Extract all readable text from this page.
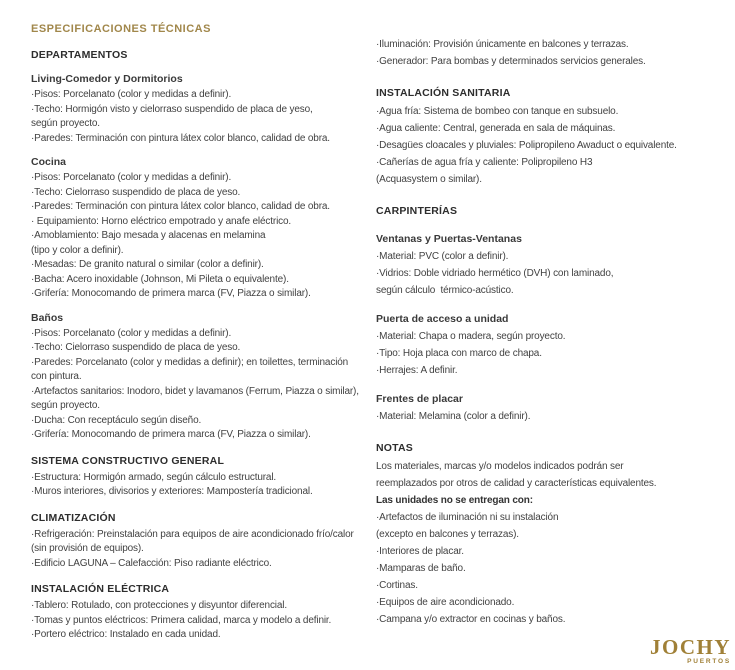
ESPECIFICACIONES TÉCNICAS
DEPARTAMENTOS
Living-Comedor y Dormitorios
·Pisos: Porcelanato (color y medidas a definir).
·Techo: Hormigón visto y cielorraso suspendido de placa de yeso,
según proyecto.
·Paredes: Terminación con pintura látex color blanco, calidad de obra.
Cocina
·Pisos: Porcelanato (color y medidas a definir).
·Techo: Cielorraso suspendido de placa de yeso.
·Paredes: Terminación con pintura látex color blanco, calidad de obra.
· Equipamiento: Horno eléctrico empotrado y anafe eléctrico.
·Amoblamiento: Bajo mesada y alacenas en melamina
(tipo y color a definir).
·Mesadas: De granito natural o similar (color a definir).
·Bacha: Acero inoxidable (Johnson, Mi Pileta o equivalente).
·Grifería: Monocomando de primera marca (FV, Piazza o similar).
Baños
·Pisos: Porcelanato (color y medidas a definir).
·Techo: Cielorraso suspendido de placa de yeso.
·Paredes: Porcelanato (color y medidas a definir); en toilettes, terminación
con pintura.
·Artefactos sanitarios: Inodoro, bidet y lavamanos (Ferrum, Piazza o similar),
según proyecto.
·Ducha: Con receptáculo según diseño.
·Grifería: Monocomando de primera marca (FV, Piazza o similar).
SISTEMA CONSTRUCTIVO GENERAL
·Estructura: Hormigón armado, según cálculo estructural.
·Muros interiores, divisorios y exteriores: Mampostería tradicional.
CLIMATIZACIÓN
·Refrigeración: Preinstalación para equipos de aire acondicionado frío/calor
(sin provisión de equipos).
·Edificio LAGUNA – Calefacción: Piso radiante eléctrico.
INSTALACIÓN ELÉCTRICA
·Tablero: Rotulado, con protecciones y disyuntor diferencial.
·Tomas y puntos eléctricos: Primera calidad, marca y modelo a definir.
·Portero eléctrico: Instalado en cada unidad.
·Iluminación: Provisión únicamente en balcones y terrazas.
·Generador: Para bombas y determinados servicios generales.
INSTALACIÓN SANITARIA
·Agua fría: Sistema de bombeo con tanque en subsuelo.
·Agua caliente: Central, generada en sala de máquinas.
·Desagües cloacales y pluviales: Polipropileno Awaduct o equivalente.
·Cañerías de agua fría y caliente: Polipropileno H3
(Acquasystem o similar).
CARPINTERÍAS
Ventanas y Puertas-Ventanas
·Material: PVC (color a definir).
·Vidrios: Doble vidriado hermético (DVH) con laminado,
según cálculo  térmico-acústico.
Puerta de acceso a unidad
·Material: Chapa o madera, según proyecto.
·Tipo: Hoja placa con marco de chapa.
·Herrajes: A definir.
Frentes de placar
·Material: Melamina (color a definir).
NOTAS
Los materiales, marcas y/o modelos indicados podrán ser
reemplazados por otros de calidad y características equivalentes.
Las unidades no se entregan con:
·Artefactos de iluminación ni su instalación
(excepto en balcones y terrazas).
·Interiores de placar.
·Mamparas de baño.
·Cortinas.
·Equipos de aire acondicionado.
·Campana y/o extractor en cocinas y baños.
JOCHY
PUERTOS
